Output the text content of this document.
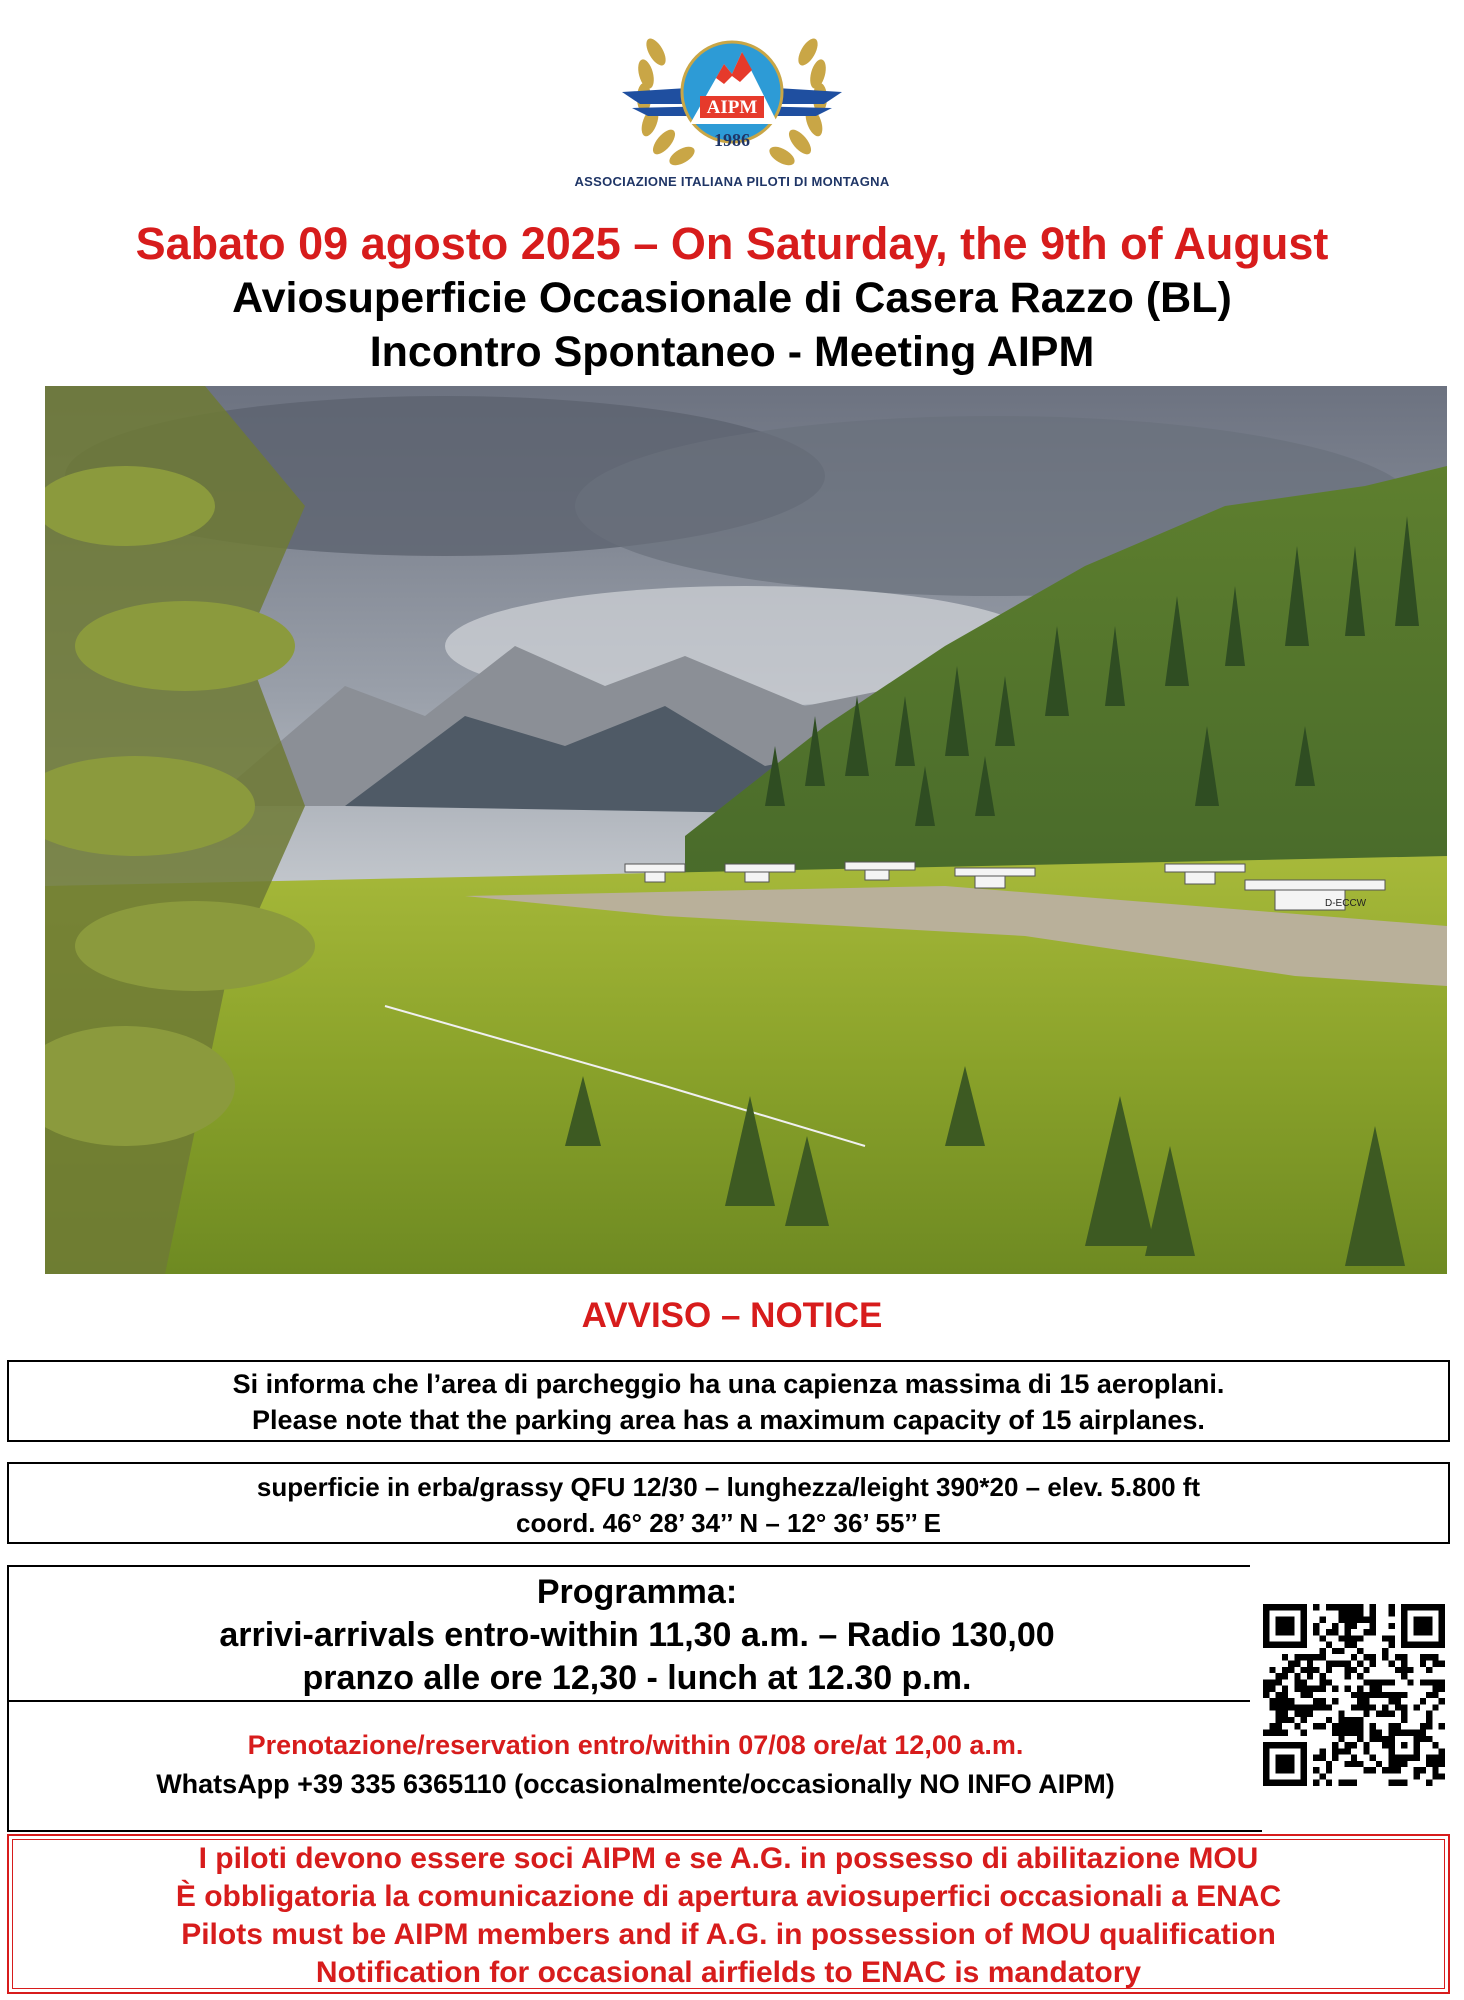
AIPM
1986
ASSOCIAZIONE ITALIANA PILOTI DI MONTAGNA
Sabato 09 agosto 2025 – On Saturday, the 9th of August
Aviosuperficie Occasionale di Casera Razzo (BL)
Incontro Spontaneo - Meeting AIPM
D-ECCW
AVVISO – NOTICE
Si informa che l’area di parcheggio ha una capienza massima di 15 aeroplani.
Please note that the parking area has a maximum capacity of 15 airplanes.
superficie in erba/grassy QFU 12/30 – lunghezza/leight 390*20 – elev. 5.800 ft
coord. 46° 28’ 34’’ N – 12° 36’ 55’’ E
Programma:
arrivi-arrivals entro-within 11,30 a.m. – Radio 130,00
pranzo alle ore 12,30 - lunch at 12.30 p.m.
Prenotazione/reservation entro/within 07/08 ore/at 12,00 a.m.
WhatsApp +39 335 6365110 (occasionalmente/occasionally NO INFO AIPM)
I piloti devono essere soci AIPM e se A.G. in possesso di abilitazione MOU
È obbligatoria la comunicazione di apertura aviosuperfici occasionali a ENAC
Pilots must be AIPM members and if A.G. in possession of MOU qualification
Notification for occasional airfields to ENAC is mandatory
